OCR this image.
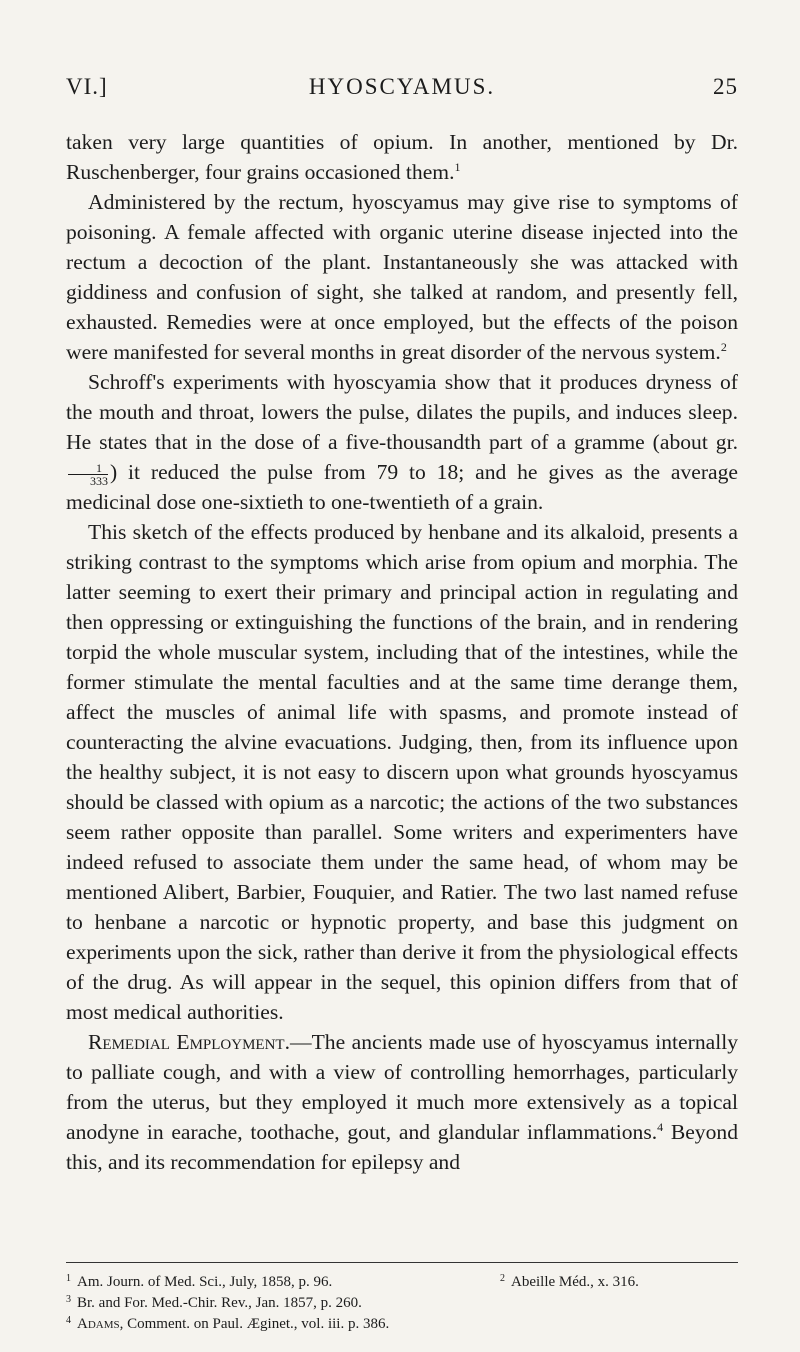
VI.]	HYOSCYAMUS.	25

taken very large quantities of opium. In another, mentioned by Dr. Ruschenberger, four grains occasioned them.$^1$

Administered by the rectum, hyoscyamus may give rise to symptoms of poisoning. A female affected with organic uterine disease injected into the rectum a decoction of the plant. Instantaneously she was attacked with giddiness and confusion of sight, she talked at random, and presently fell, exhausted. Remedies were at once employed, but the effects of the poison were manifested for several months in great disorder of the nervous system.$^2$

Schroff's experiments with hyoscyamia show that it produces dryness of the mouth and throat, lowers the pulse, dilates the pupils, and induces sleep. He states that in the dose of a five-thousandth part of a gramme (about gr.
$\frac{1}{333}$ ) it reduced the pulse from 79 to 18; and he gives as the average medicinal dose one-sixtieth to one-twentieth of a grain.

This sketch of the effects produced by henbane and its alkaloid, presents a striking contrast to the symptoms which arise from opium and morphia. The latter seeming to exert their primary and principal action in regulating and then oppressing or extinguishing the functions of the brain, and in rendering torpid the whole muscular system, including that of the intestines, while the former stimulate the mental faculties and at the same time derange them, affect the muscles of animal life with spasms, and promote instead of counteracting the alvine evacuations. Judging, then, from its influence upon the healthy subject, it is not easy to discern upon what grounds hyoscyamus should be classed with opium as a narcotic; the actions of the two substances seem rather opposite than parallel. Some writers and experimenters have indeed refused to associate them under the same head, of whom may be mentioned Alibert, Barbier, Fouquier, and Ratier. The two last named refuse to henbane a narcotic or hypnotic property, and base this judgment on experiments upon the sick, rather than derive it from the physiological effects of the drug. As will appear in the sequel, this opinion differs from that of most medical authorities.

Remedial Employment.—The ancients made use of hyoscyamus internally to palliate cough, and with a view of controlling hemorrhages, particularly from the uterus, but they employed it much more extensively as a topical anodyne in earache, toothache, gout, and glandular inflammations.$^4$ Beyond this, and its recommendation for epilepsy and

$^1$ Am. Journ. of Med. Sci., July, 1858, p. 96.	$^2$ Abeille Méd., x. 316.
$^3$ Br. and For. Med.-Chir. Rev., Jan. 1857, p. 260.
$^4$ Adams, Comment. on Paul. Æginet., vol. iii. p. 386.
